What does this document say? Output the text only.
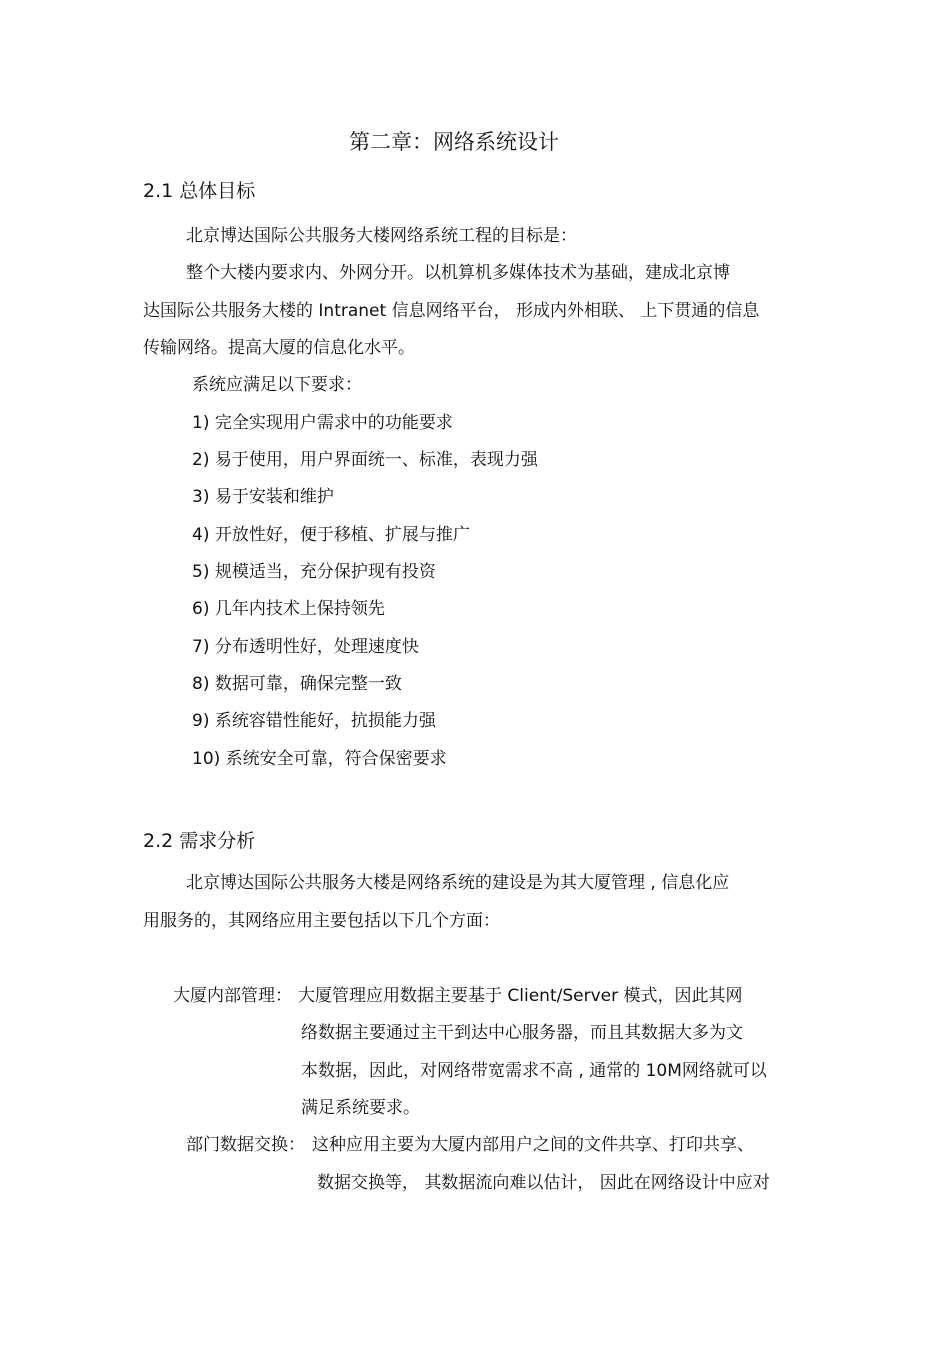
第二章：网络系统设计
2.1 总体目标
北京博达国际公共服务大楼网络系统工程的目标是：
整个大楼内要求内、外网分开。以机算机多媒体技术为基础，建成北京博
达国际公共服务大楼的 Intranet 信息网络平台， 形成内外相联、 上下贯通的信息
传输网络。提高大厦的信息化水平。
系统应满足以下要求：
1) 完全实现用户需求中的功能要求
2) 易于使用，用户界面统一、标准，表现力强
3) 易于安装和维护
4) 开放性好，便于移植、扩展与推广
5) 规模适当，充分保护现有投资
6) 几年内技术上保持领先
7) 分布透明性好，处理速度快
8) 数据可靠，确保完整一致
9) 系统容错性能好，抗损能力强
10) 系统安全可靠，符合保密要求
2.2 需求分析
北京博达国际公共服务大楼是网络系统的建设是为其大厦管理 , 信息化应
用服务的，其网络应用主要包括以下几个方面：
大厦内部管理： 大厦管理应用数据主要基于 Client/Server 模式，因此其网
络数据主要通过主干到达中心服务器，而且其数据大多为文
本数据，因此，对网络带宽需求不高 , 通常的 10M网络就可以
满足系统要求。
部门数据交换： 这种应用主要为大厦内部用户之间的文件共享、打印共享、
数据交换等， 其数据流向难以估计， 因此在网络设计中应对
